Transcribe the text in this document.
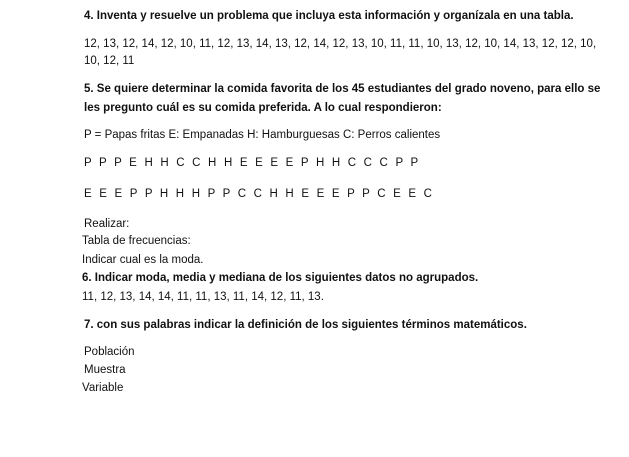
4. Inventa y resuelve un problema que incluya esta información y organízala en una tabla.
12, 13, 12, 14, 12, 10, 11, 12, 13, 14, 13, 12, 14, 12, 13, 10, 11, 11, 10, 13, 12, 10, 14, 13, 12, 12, 10,
10, 12, 11
5. Se quiere determinar la comida favorita de los 45 estudiantes del grado noveno, para ello se
les pregunto cuál es su comida preferida. A lo cual respondieron:
P = Papas fritas E: Empanadas H: Hamburguesas C: Perros calientes
P P P E H H C C H H E E E E P H H C C C P P
E E E P P H H H P P C C H H E E E P P C E E C
Realizar:
Tabla de frecuencias:
Indicar cual es la moda.
6. Indicar moda, media y mediana de los siguientes datos no agrupados.
11, 12, 13, 14, 14, 11, 11, 13, 11, 14, 12, 11, 13.
7. con sus palabras indicar la definición de los siguientes términos matemáticos.
Población
Muestra
Variable
